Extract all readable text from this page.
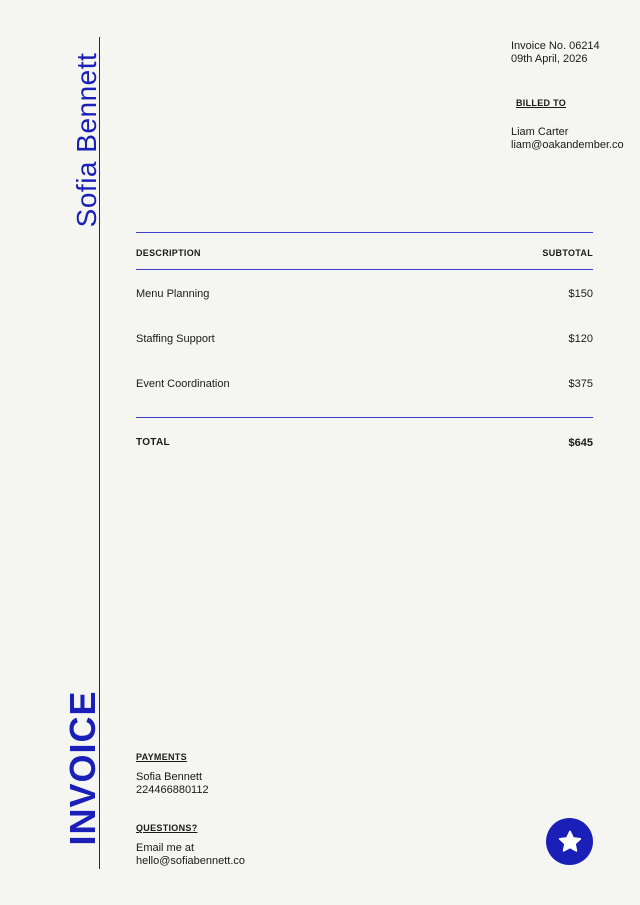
Sofia Bennett
INVOICE
Invoice No. 06214
09th April, 2026
BILLED TO
Liam Carter
liam@oakandember.co
DESCRIPTION	SUBTOTAL
Menu Planning	$150
Staffing Support	$120
Event Coordination	$375
TOTAL	$645
PAYMENTS
Sofia Bennett
224466880112
QUESTIONS?
Email me at
hello@sofiabennett.co
